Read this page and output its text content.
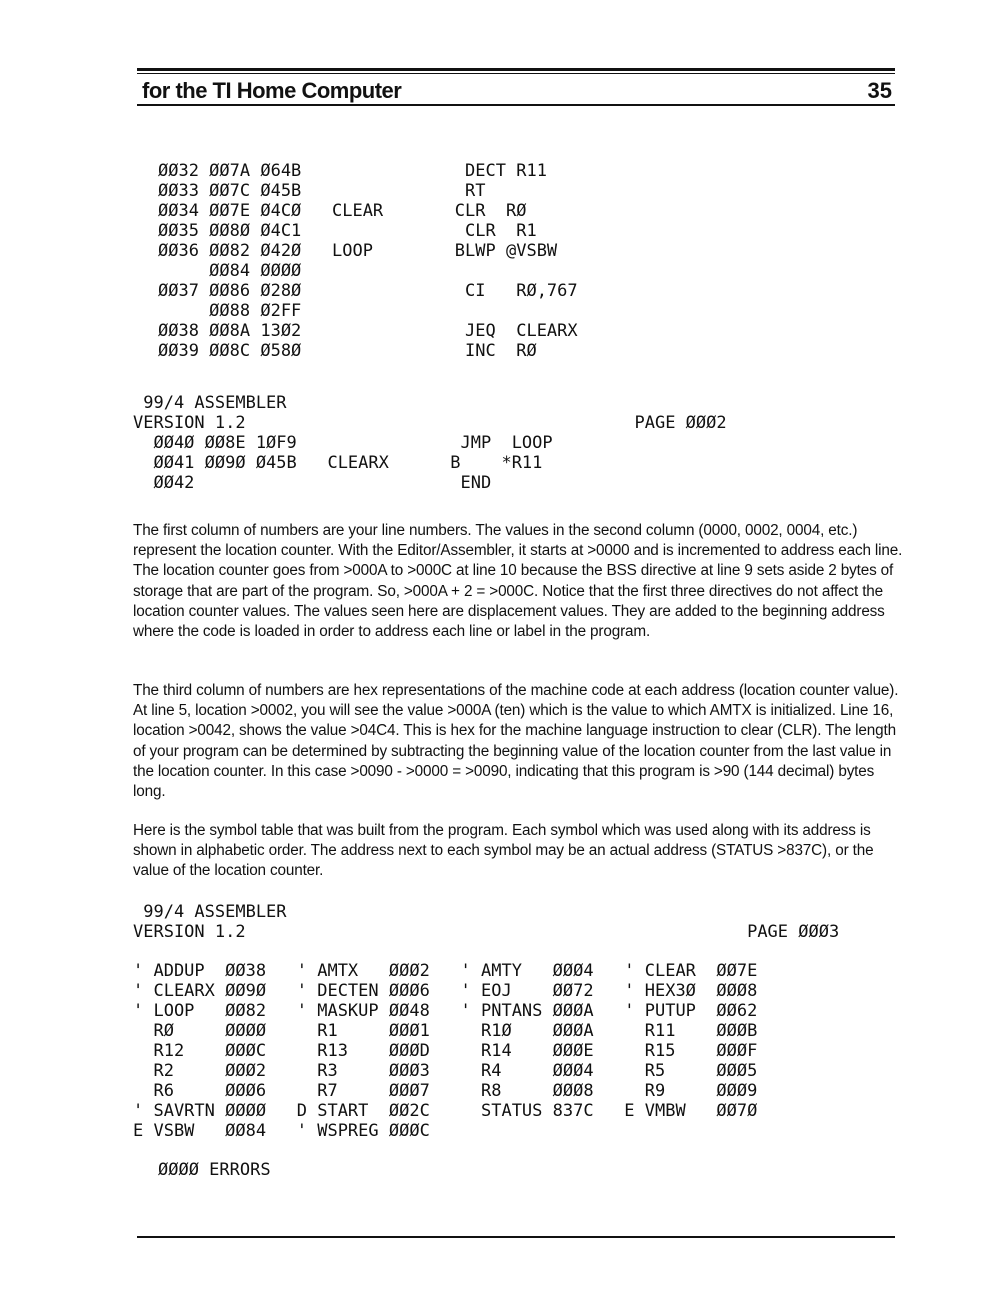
for the TI Home Computer	35
ØØ32 ØØ7A Ø64B                DECT R11
ØØ33 ØØ7C Ø45B                RT
ØØ34 ØØ7E Ø4CØ   CLEAR       CLR  RØ
ØØ35 ØØ8Ø Ø4C1                CLR  R1
ØØ36 ØØ82 Ø42Ø   LOOP        BLWP @VSBW
ØØ84 ØØØØ
ØØ37 ØØ86 Ø28Ø                CI   RØ,767
ØØ88 Ø2FF
ØØ38 ØØ8A 13Ø2                JEQ  CLEARX
ØØ39 ØØ8C Ø58Ø                INC  RØ
99/4 ASSEMBLER
VERSION 1.2                                      PAGE ØØØ2
ØØ4Ø ØØ8E 1ØF9                JMP  LOOP
ØØ41 ØØ9Ø Ø45B   CLEARX      B    *R11
ØØ42                          END

The first column of numbers are your line numbers. The values in the second column (0000, 0002, 0004, etc.) represent the location counter. With the Editor/Assembler, it starts at >0000 and is incremented to address each line. The location counter goes from >000A to >000C at line 10 because the BSS directive at line 9 sets aside 2 bytes of storage that are part of the program. So, >000A + 2 = >000C. Notice that the first three directives do not affect the location counter values. The values seen here are displacement values. They are added to the beginning address where the code is loaded in order to address each line or label in the program.

The third column of numbers are hex representations of the machine code at each address (location counter value). At line 5, location >0002, you will see the value >000A (ten) which is the value to which AMTX is initialized. Line 16, location >0042, shows the value >04C4. This is hex for the machine language instruction to clear (CLR). The length of your program can be determined by subtracting the beginning value of the location counter from the last value in the location counter. In this case >0090 - >0000 = >0090, indicating that this program is >90 (144 decimal) bytes long.

Here is the symbol table that was built from the program. Each symbol which was used along with its address is shown in alphabetic order. The address next to each symbol may be an actual address (STATUS >837C), or the value of the location counter.

99/4 ASSEMBLER
VERSION 1.2                                                 PAGE ØØØ3
' ADDUP  ØØ38   ' AMTX   ØØØ2   ' AMTY   ØØØ4   ' CLEAR  ØØ7E
' CLEARX ØØ9Ø   ' DECTEN ØØØ6   ' EOJ    ØØ72   ' HEX3Ø  ØØØ8
' LOOP   ØØ82   ' MASKUP ØØ48   ' PNTANS ØØØA   ' PUTUP  ØØ62
RØ     ØØØØ     R1     ØØØ1     R1Ø    ØØØA     R11    ØØØB
R12    ØØØC     R13    ØØØD     R14    ØØØE     R15    ØØØF
R2     ØØØ2     R3     ØØØ3     R4     ØØØ4     R5     ØØØ5
R6     ØØØ6     R7     ØØØ7     R8     ØØØ8     R9     ØØØ9
' SAVRTN ØØØØ   D START  ØØ2C     STATUS 837C   E VMBW   ØØ7Ø
E VSBW   ØØ84   ' WSPREG ØØØC
ØØØØ ERRORS
